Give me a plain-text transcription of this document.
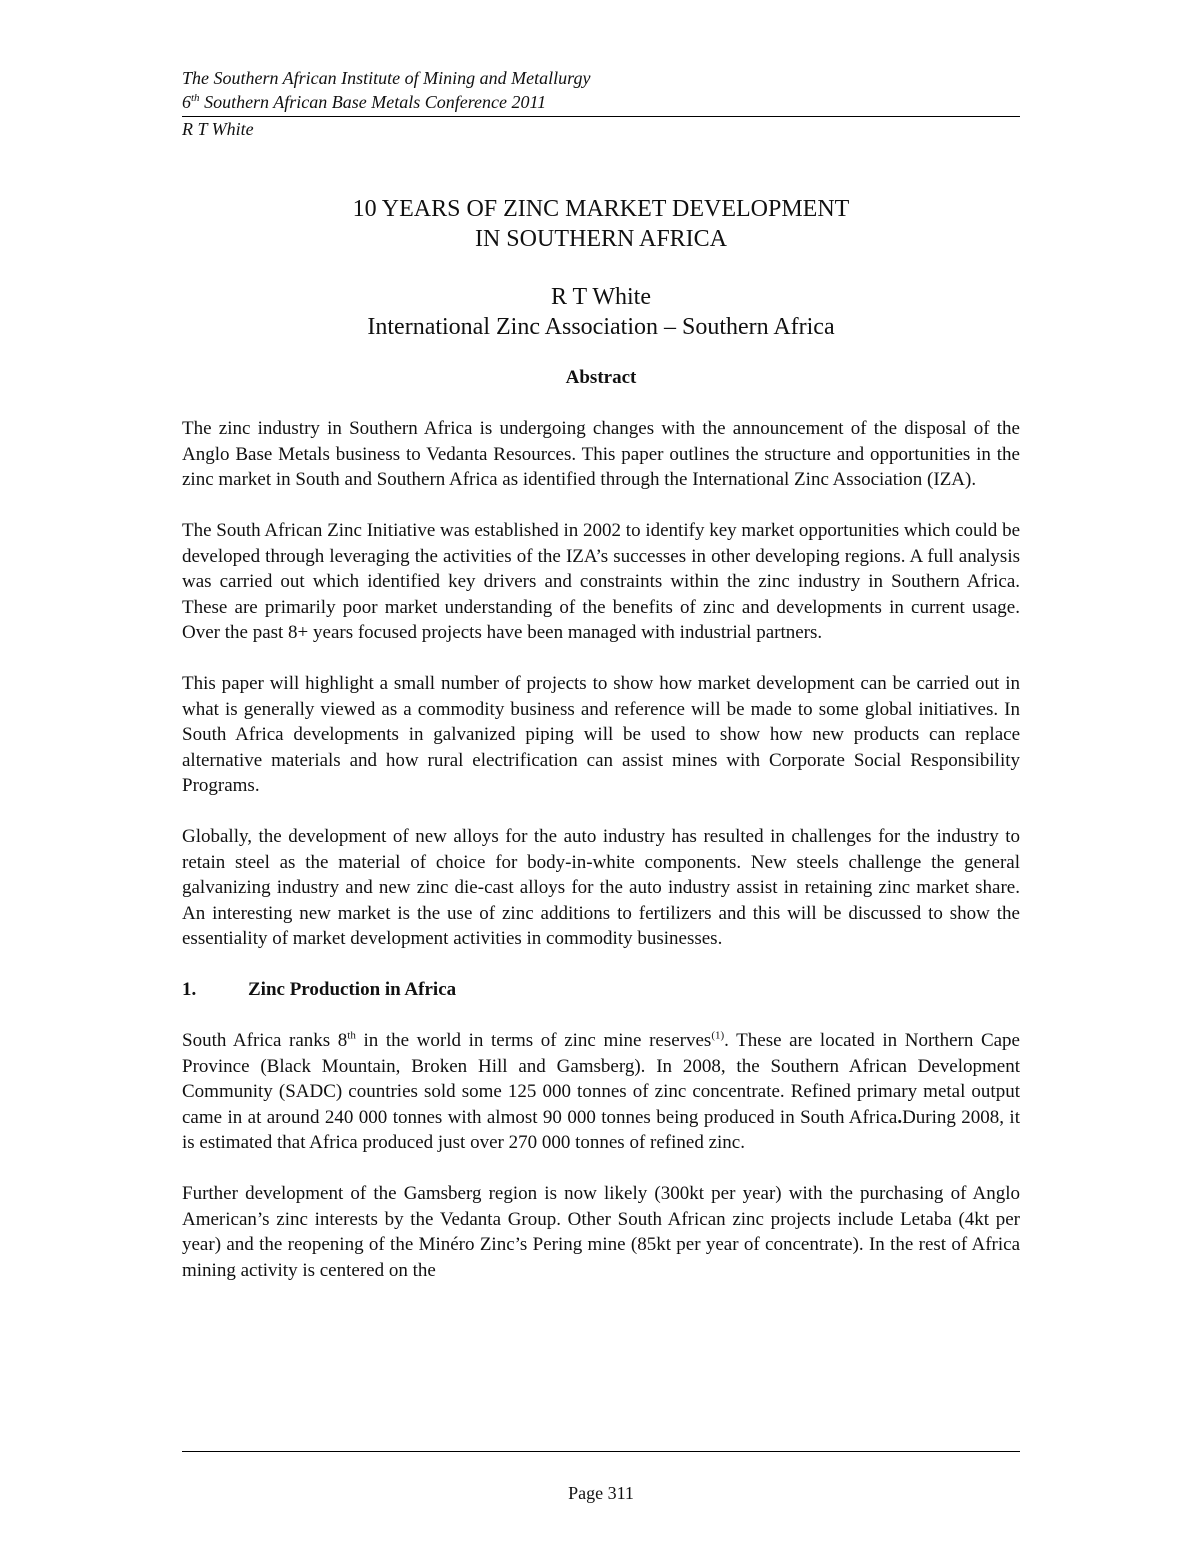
The Southern African Institute of Mining and Metallurgy
6th Southern African Base Metals Conference 2011
R T White
10 YEARS OF ZINC MARKET DEVELOPMENT
IN SOUTHERN AFRICA
R T White
International Zinc Association – Southern Africa
Abstract

The zinc industry in Southern Africa is undergoing changes with the announcement of the disposal of the Anglo Base Metals business to Vedanta Resources. This paper outlines the structure and opportunities in the zinc market in South and Southern Africa as identified through the International Zinc Association (IZA).

The South African Zinc Initiative was established in 2002 to identify key market opportunities which could be developed through leveraging the activities of the IZA’s successes in other developing regions. A full analysis was carried out which identified key drivers and constraints within the zinc industry in Southern Africa. These are primarily poor market understanding of the benefits of zinc and developments in current usage. Over the past 8+ years focused projects have been managed with industrial partners.

This paper will highlight a small number of projects to show how market development can be carried out in what is generally viewed as a commodity business and reference will be made to some global initiatives. In South Africa developments in galvanized piping will be used to show how new products can replace alternative materials and how rural electrification can assist mines with Corporate Social Responsibility Programs.

Globally, the development of new alloys for the auto industry has resulted in challenges for the industry to retain steel as the material of choice for body-in-white components. New steels challenge the general galvanizing industry and new zinc die-cast alloys for the auto industry assist in retaining zinc market share. An interesting new market is the use of zinc additions to fertilizers and this will be discussed to show the essentiality of market development activities in commodity businesses.

1.	Zinc Production in Africa

South Africa ranks 8th in the world in terms of zinc mine reserves$^{(1)}$. These are located in Northern Cape Province (Black Mountain, Broken Hill and Gamsberg). In 2008, the Southern African Development Community (SADC) countries sold some 125 000 tonnes of zinc concentrate. Refined primary metal output came in at around 240 000 tonnes with almost 90 000 tonnes being produced in South Africa.During 2008, it is estimated that Africa produced just over 270 000 tonnes of refined zinc.

Further development of the Gamsberg region is now likely (300kt per year) with the purchasing of Anglo American’s zinc interests by the Vedanta Group. Other South African zinc projects include Letaba (4kt per year) and the reopening of the Minéro Zinc’s Pering mine (85kt per year of concentrate). In the rest of Africa mining activity is centered on the

Page 311
